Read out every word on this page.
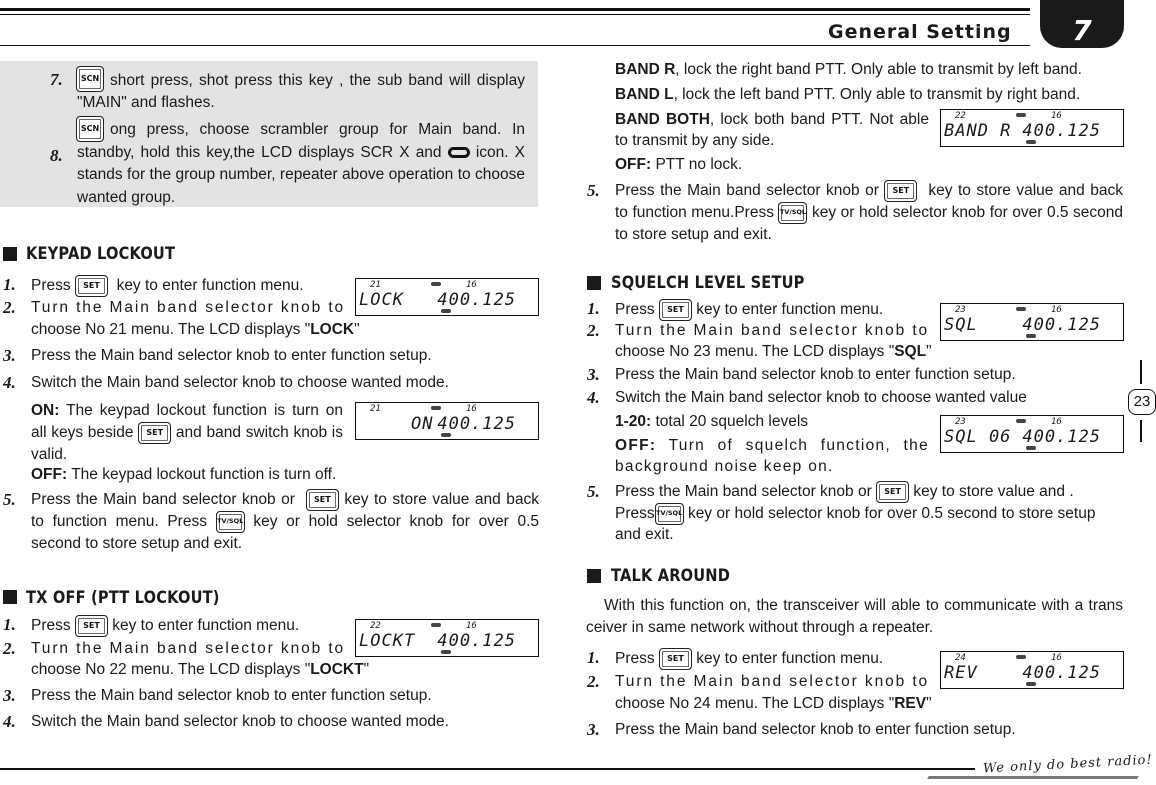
General Setting	7
7.	SCN short press, shot press this key , the sub band will display "MAIN" and flashes.
8.
SCN ong press, choose scrambler group for Main band. In standby, hold this key,the LCD displays SCR X and icon. X stands for the group number, repeater above operation to choose wanted group.
KEYPAD LOCKOUT
1. Press SET key to enter function menu.
2. Turn the Main band selector knob to
choose No 21 menu. The LCD displays "LOCK"
3. Press the Main band selector knob to enter function setup.
4. Switch the Main band selector knob to choose wanted mode.
ON: The keypad lockout function is turn on all keys beside SET and band switch knob is valid.
OFF: The keypad lockout function is turn off.
5. Press the Main band selector knob or SET key to store value and back to function menu. Press TV/SQL key or hold selector knob for over 0.5 second to store setup and exit.
21	16
LOCK 400.125
21	16
ON 400.125
TX OFF (PTT LOCKOUT)
1. Press SET key to enter function menu.
2. Turn the Main band selector knob to
choose No 22 menu. The LCD displays "LOCKT"
3. Press the Main band selector knob to enter function setup.
4. Switch the Main band selector knob to choose wanted mode.
22	16
LOCKT 400.125
BAND R, lock the right band PTT. Only able to transmit by left band.
BAND L, lock the left band PTT. Only able to transmit by right band.
BAND BOTH, lock both band PTT. Not able to transmit by any side.
OFF: PTT no lock.
5. Press the Main band selector knob or SET key to store value and back to function menu.Press TV/SQL key or hold selector knob for over 0.5 second to store setup and exit.
22	16
BAND R 400.125
SQUELCH LEVEL SETUP
1. Press SET key to enter function menu.
2. Turn the Main band selector knob to
choose No 23 menu. The LCD displays "SQL"
3. Press the Main band selector knob to enter function setup.
4. Switch the Main band selector knob to choose wanted value
1-20: total 20 squelch levels
OFF: Turn of squelch function, the background noise keep on.
5. Press the Main band selector knob or SET key to store value and .
PressTV/SQL key or hold selector knob for over 0.5 second to store setup and exit.
23	16
SQL	400.125
23	16
SQL 06 400.125
TALK AROUND
With this function on, the transceiver will able to communicate with a trans ceiver in same network without through a repeater.
1. Press SET key to enter function menu.
2. Turn the Main band selector knob to
choose No 24 menu. The LCD displays "REV"
3. Press the Main band selector knob to enter function setup.
24	16
REV	400.125
23
We only do best radio!
